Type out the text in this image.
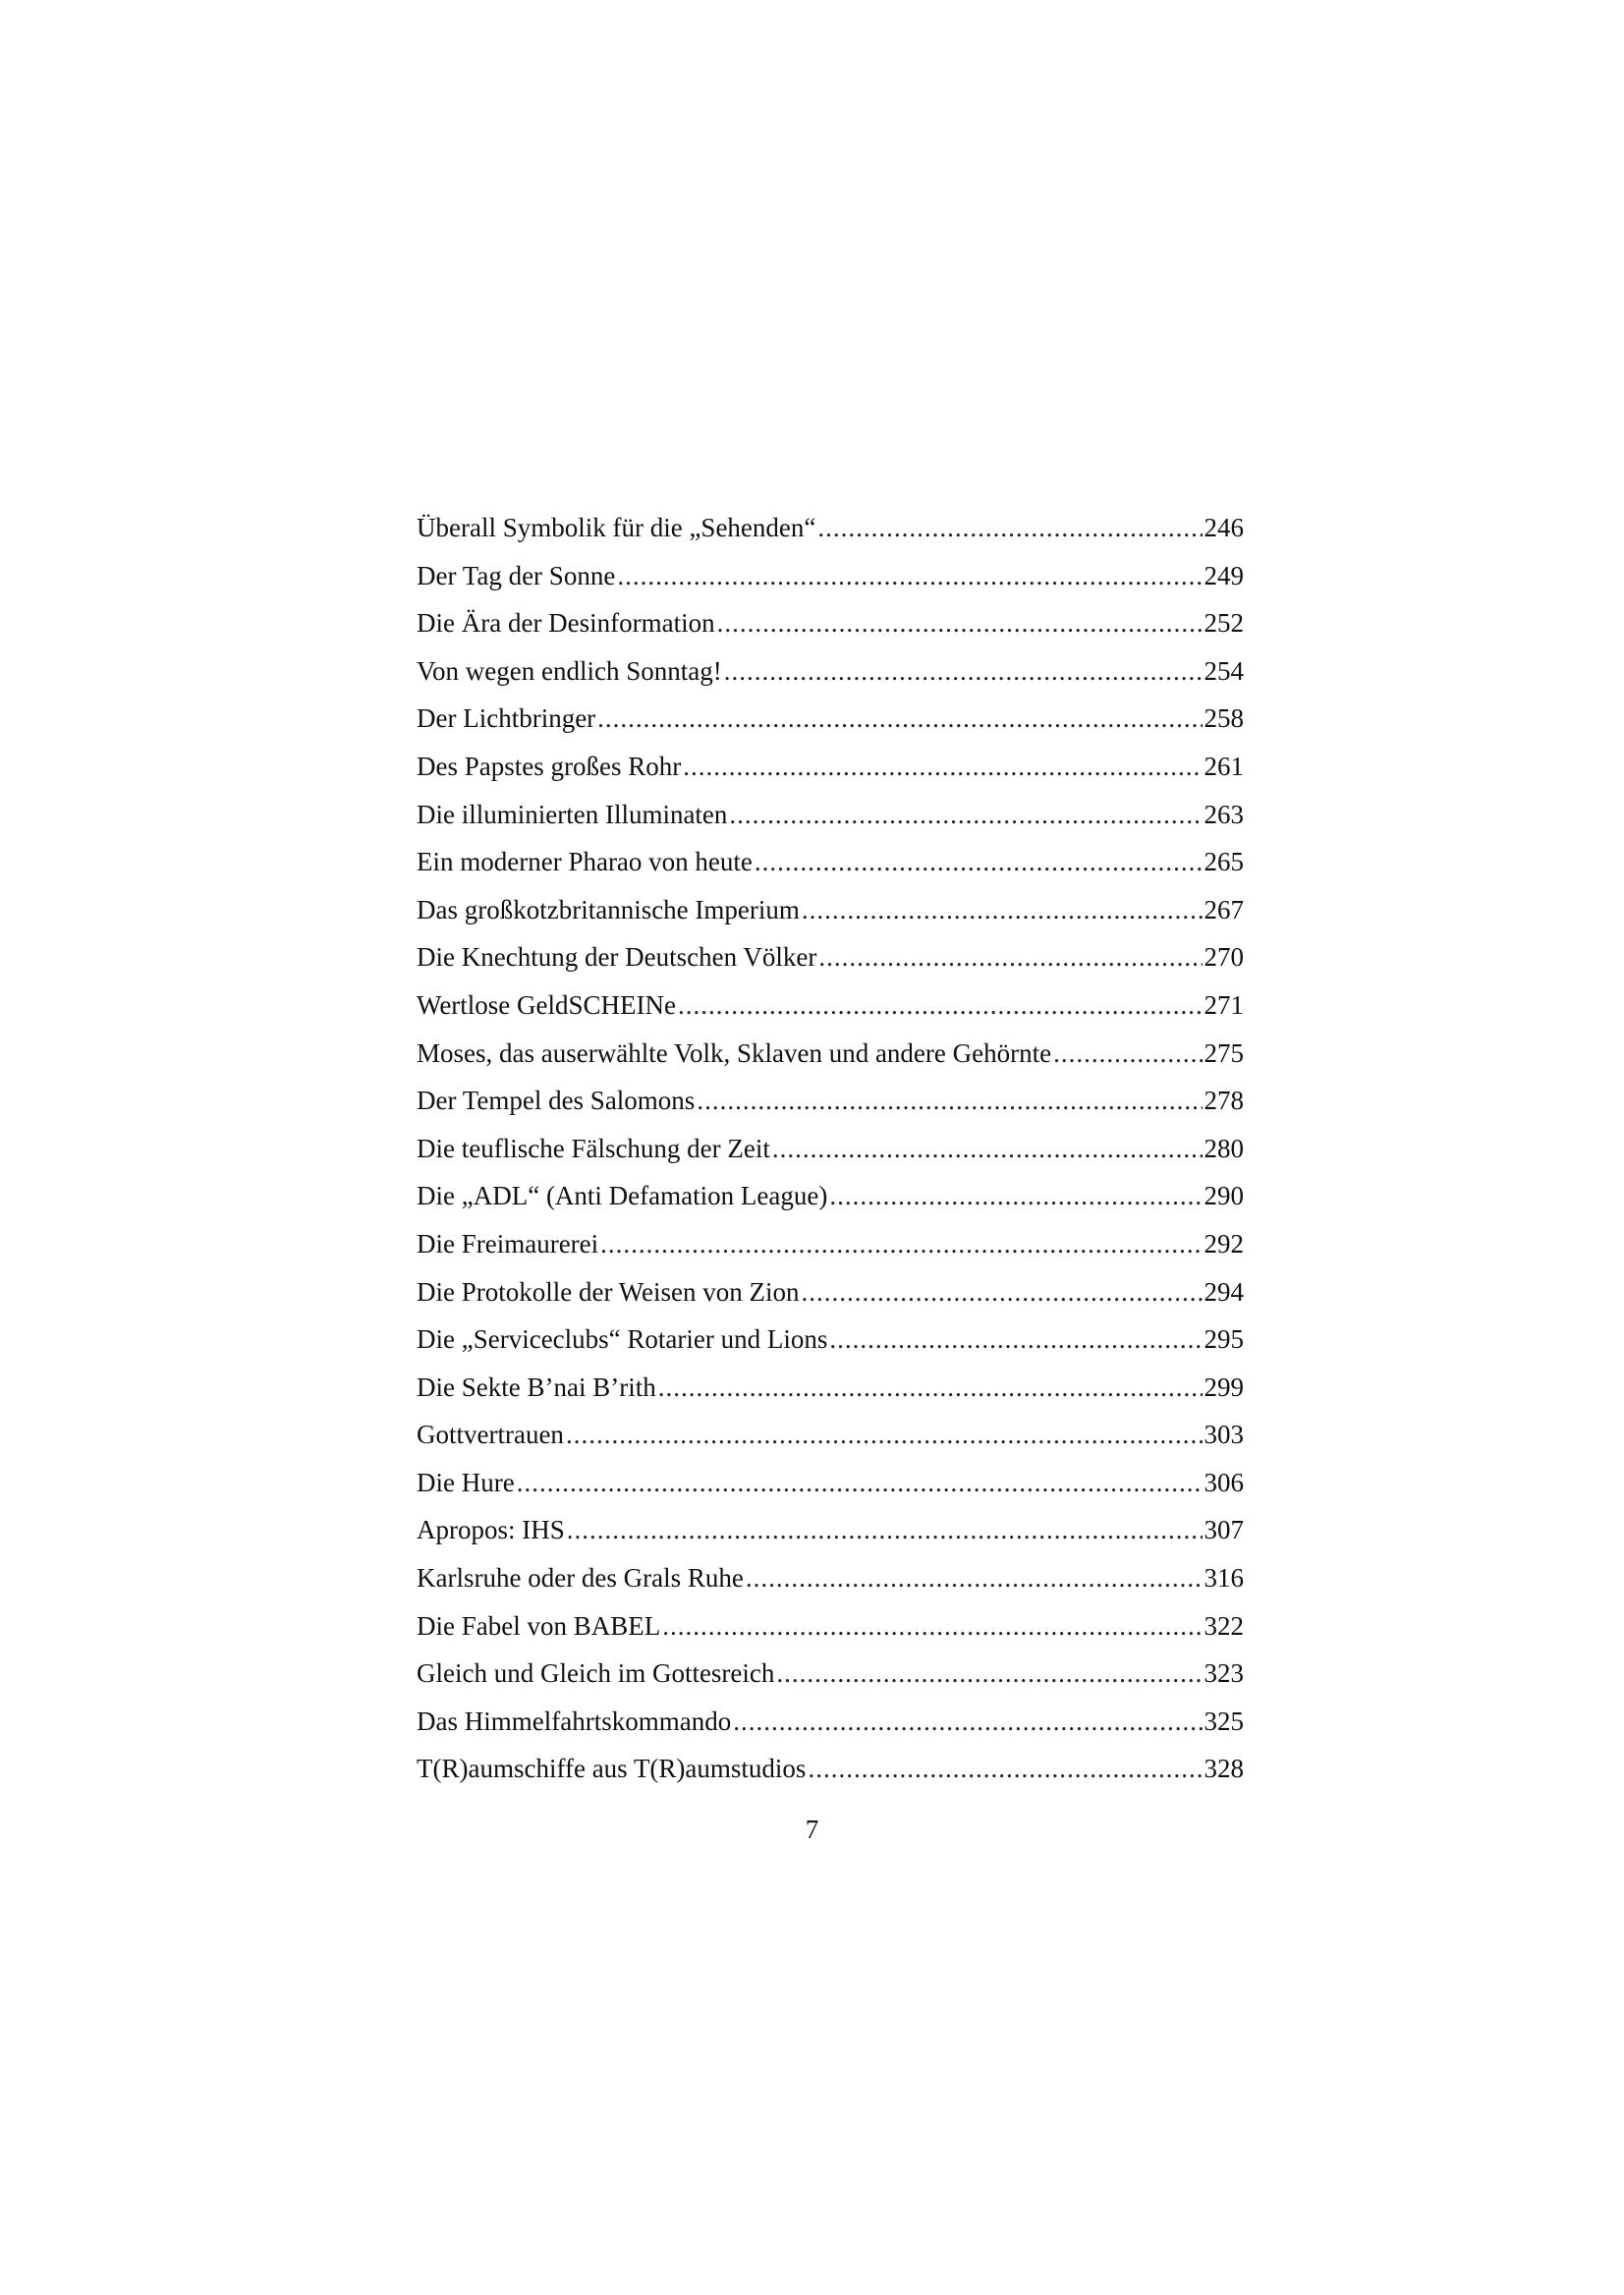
Überall Symbolik für die „Sehenden“ .....	246
Der Tag der Sonne .....	249
Die Ära der Desinformation .....	252
Von wegen endlich Sonntag! .....	254
Der Lichtbringer .....	258
Des Papstes großes Rohr .....	261
Die illuminierten Illuminaten .....	263
Ein moderner Pharao von heute .....	265
Das großkotzbritannische Imperium .....	267
Die Knechtung der Deutschen Völker .....	270
Wertlose GeldSCHEINe .....	271
Moses, das auserwählte Volk, Sklaven und andere Gehörnte .....	275
Der Tempel des Salomons .....	278
Die teuflische Fälschung der Zeit .....	280
Die „ADL“ (Anti Defamation League) .....	290
Die Freimaurerei .....	292
Die Protokolle der Weisen von Zion .....	294
Die „Serviceclubs“ Rotarier und Lions .....	295
Die Sekte B’nai B’rith .....	299
Gottvertrauen .....	303
Die Hure .....	306
Apropos: IHS .....	307
Karlsruhe oder des Grals Ruhe .....	316
Die Fabel von BABEL .....	322
Gleich und Gleich im Gottesreich .....	323
Das Himmelfahrtskommando .....	325
T(R)aumschiffe aus T(R)aumstudios .....	328
7
